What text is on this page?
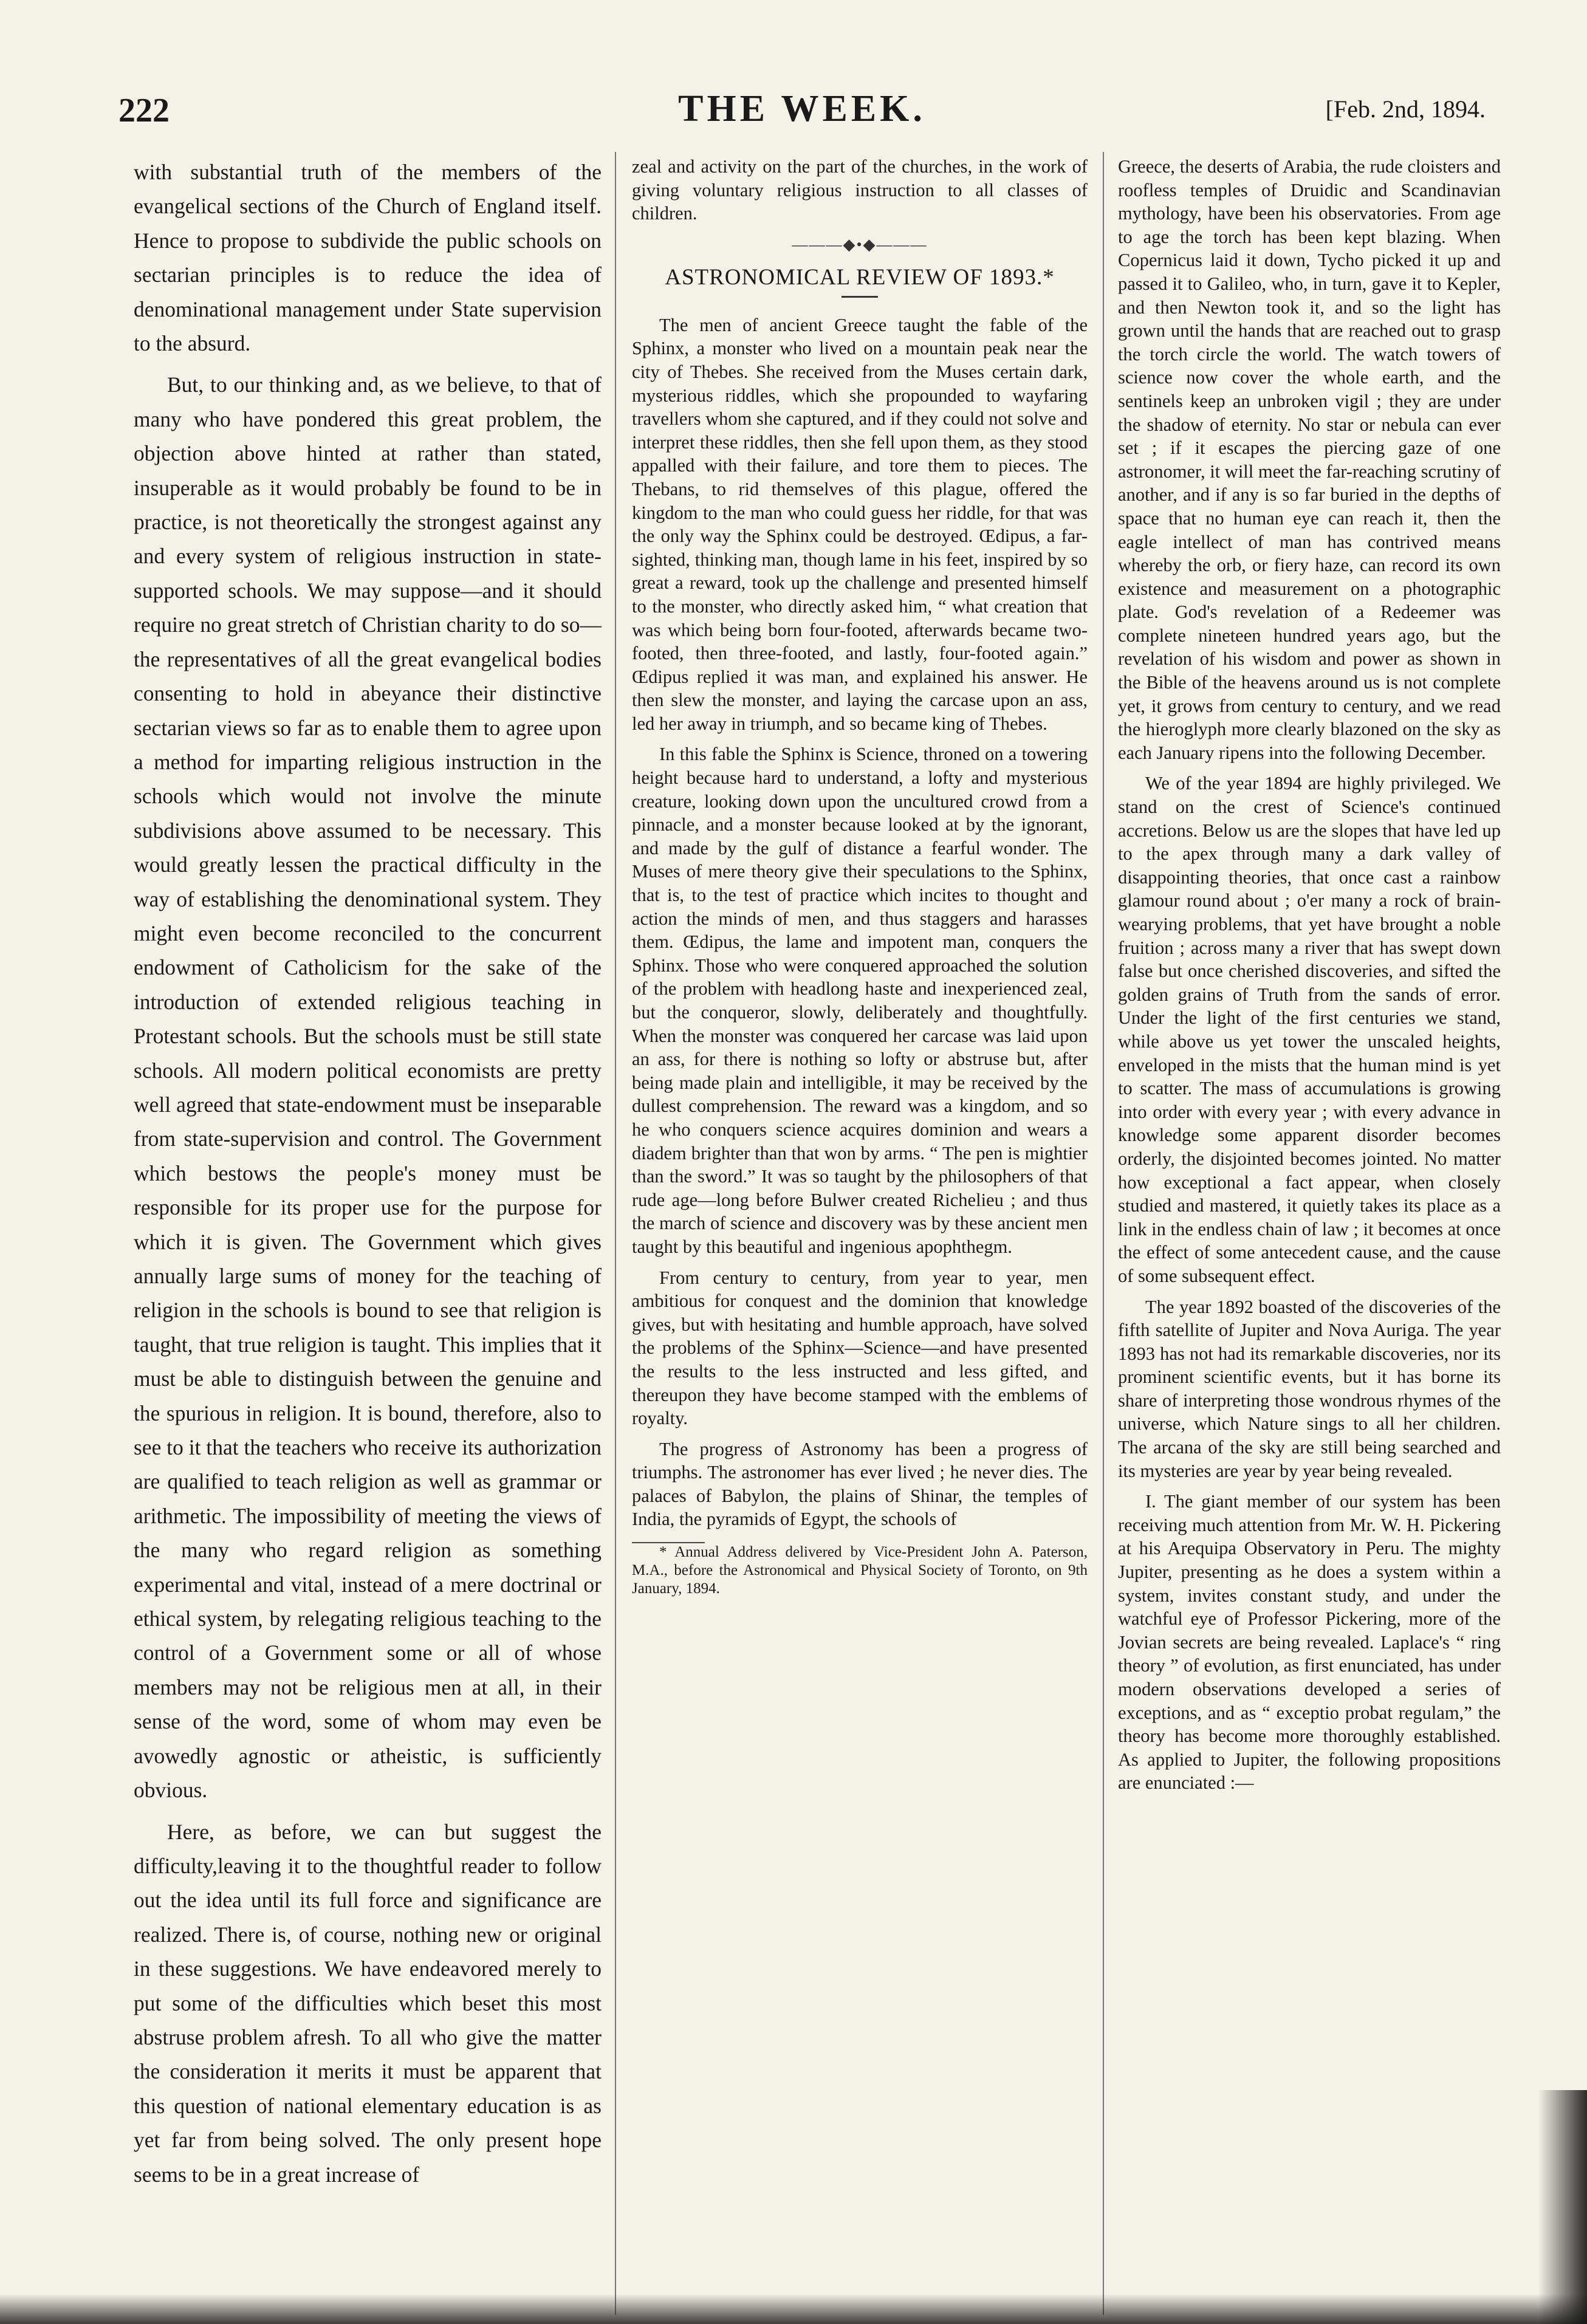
222	THE WEEK.	[Feb. 2nd, 1894.

with substantial truth of the members of the evangelical sections of the Church of England itself. Hence to propose to subdivide the public schools on sectarian principles is to reduce the idea of denominational management under State supervision to the absurd.

But, to our thinking and, as we believe, to that of many who have pondered this great problem, the objection above hinted at rather than stated, insuperable as it would probably be found to be in practice, is not theoretically the strongest against any and every system of religious instruction in state-supported schools. We may suppose—and it should require no great stretch of Christian charity to do so—the representatives of all the great evangelical bodies consenting to hold in abeyance their distinctive sectarian views so far as to enable them to agree upon a method for imparting religious instruction in the schools which would not involve the minute subdivisions above assumed to be necessary. This would greatly lessen the practical difficulty in the way of establishing the denominational system. They might even become reconciled to the concurrent endowment of Catholicism for the sake of the introduction of extended religious teaching in Protestant schools. But the schools must be still state schools. All modern political economists are pretty well agreed that state-endowment must be inseparable from state-supervision and control. The Government which bestows the people's money must be responsible for its proper use for the purpose for which it is given. The Government which gives annually large sums of money for the teaching of religion in the schools is bound to see that religion is taught, that true religion is taught. This implies that it must be able to distinguish between the genuine and the spurious in religion. It is bound, therefore, also to see to it that the teachers who receive its authorization are qualified to teach religion as well as grammar or arithmetic. The impossibility of meeting the views of the many who regard religion as something experimental and vital, instead of a mere doctrinal or ethical system, by relegating religious teaching to the control of a Government some or all of whose members may not be religious men at all, in their sense of the word, some of whom may even be avowedly agnostic or atheistic, is sufficiently obvious.

Here, as before, we can but suggest the difficulty,leaving it to the thoughtful reader to follow out the idea until its full force and significance are realized. There is, of course, nothing new or original in these suggestions. We have endeavored merely to put some of the difficulties which beset this most abstruse problem afresh. To all who give the matter the consideration it merits it must be apparent that this question of national elementary education is as yet far from being solved. The only present hope seems to be in a great increase of

zeal and activity on the part of the churches, in the work of giving voluntary religious instruction to all classes of children.

———◆•◆———
ASTRONOMICAL REVIEW OF 1893.*

The men of ancient Greece taught the fable of the Sphinx, a monster who lived on a mountain peak near the city of Thebes. She received from the Muses certain dark, mysterious riddles, which she propounded to wayfaring travellers whom she captured, and if they could not solve and interpret these riddles, then she fell upon them, as they stood appalled with their failure, and tore them to pieces. The Thebans, to rid themselves of this plague, offered the kingdom to the man who could guess her riddle, for that was the only way the Sphinx could be destroyed. Œdipus, a far-sighted, thinking man, though lame in his feet, inspired by so great a reward, took up the challenge and presented himself to the monster, who directly asked him, “ what creation that was which being born four-footed, afterwards became two-footed, then three-footed, and lastly, four-footed again.” Œdipus replied it was man, and explained his answer. He then slew the monster, and laying the carcase upon an ass, led her away in triumph, and so became king of Thebes.

In this fable the Sphinx is Science, throned on a towering height because hard to understand, a lofty and mysterious creature, looking down upon the uncultured crowd from a pinnacle, and a monster because looked at by the ignorant, and made by the gulf of distance a fearful wonder. The Muses of mere theory give their speculations to the Sphinx, that is, to the test of practice which incites to thought and action the minds of men, and thus staggers and harasses them. Œdipus, the lame and impotent man, conquers the Sphinx. Those who were conquered approached the solution of the problem with headlong haste and inexperienced zeal, but the conqueror, slowly, deliberately and thoughtfully. When the monster was conquered her carcase was laid upon an ass, for there is nothing so lofty or abstruse but, after being made plain and intelligible, it may be received by the dullest comprehension. The reward was a kingdom, and so he who conquers science acquires dominion and wears a diadem brighter than that won by arms. “ The pen is mightier than the sword.” It was so taught by the philosophers of that rude age—long before Bulwer created Richelieu ; and thus the march of science and discovery was by these ancient men taught by this beautiful and ingenious apophthegm.

From century to century, from year to year, men ambitious for conquest and the dominion that knowledge gives, but with hesitating and humble approach, have solved the problems of the Sphinx—Science—and have presented the results to the less instructed and less gifted, and thereupon they have become stamped with the emblems of royalty.

The progress of Astronomy has been a progress of triumphs. The astronomer has ever lived ; he never dies. The palaces of Babylon, the plains of Shinar, the temples of India, the pyramids of Egypt, the schools of

* Annual Address delivered by Vice-President John A. Paterson, M.A., before the Astronomical and Physical Society of Toronto, on 9th January, 1894.

Greece, the deserts of Arabia, the rude cloisters and roofless temples of Druidic and Scandinavian mythology, have been his observatories. From age to age the torch has been kept blazing. When Copernicus laid it down, Tycho picked it up and passed it to Galileo, who, in turn, gave it to Kepler, and then Newton took it, and so the light has grown until the hands that are reached out to grasp the torch circle the world. The watch towers of science now cover the whole earth, and the sentinels keep an unbroken vigil ; they are under the shadow of eternity. No star or nebula can ever set ; if it escapes the piercing gaze of one astronomer, it will meet the far-reaching scrutiny of another, and if any is so far buried in the depths of space that no human eye can reach it, then the eagle intellect of man has contrived means whereby the orb, or fiery haze, can record its own existence and measurement on a photographic plate. God's revelation of a Redeemer was complete nineteen hundred years ago, but the revelation of his wisdom and power as shown in the Bible of the heavens around us is not complete yet, it grows from century to century, and we read the hieroglyph more clearly blazoned on the sky as each January ripens into the following December.

We of the year 1894 are highly privileged. We stand on the crest of Science's continued accretions. Below us are the slopes that have led up to the apex through many a dark valley of disappointing theories, that once cast a rainbow glamour round about ; o'er many a rock of brain-wearying problems, that yet have brought a noble fruition ; across many a river that has swept down false but once cherished discoveries, and sifted the golden grains of Truth from the sands of error. Under the light of the first centuries we stand, while above us yet tower the unscaled heights, enveloped in the mists that the human mind is yet to scatter. The mass of accumulations is growing into order with every year ; with every advance in knowledge some apparent disorder becomes orderly, the disjointed becomes jointed. No matter how exceptional a fact appear, when closely studied and mastered, it quietly takes its place as a link in the endless chain of law ; it becomes at once the effect of some antecedent cause, and the cause of some subsequent effect.

The year 1892 boasted of the discoveries of the fifth satellite of Jupiter and Nova Auriga. The year 1893 has not had its remarkable discoveries, nor its prominent scientific events, but it has borne its share of interpreting those wondrous rhymes of the universe, which Nature sings to all her children. The arcana of the sky are still being searched and its mysteries are year by year being revealed.

I. The giant member of our system has been receiving much attention from Mr. W. H. Pickering at his Arequipa Observatory in Peru. The mighty Jupiter, presenting as he does a system within a system, invites constant study, and under the watchful eye of Professor Pickering, more of the Jovian secrets are being revealed. Laplace's “ ring theory ” of evolution, as first enunciated, has under modern observations developed a series of exceptions, and as “ exceptio probat regulam,” the theory has become more thoroughly established. As applied to Jupiter, the following propositions are enunciated :—
